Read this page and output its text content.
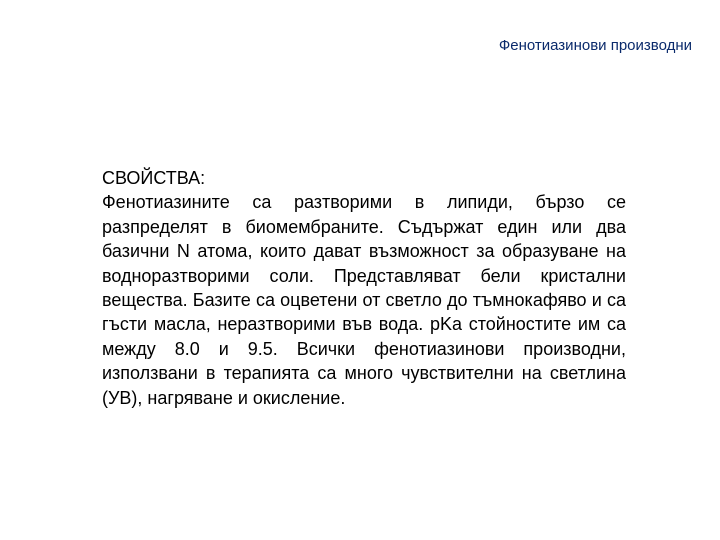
Фенотиазинови производни
СВОЙСТВА:

Фенотиазините са разтворими в липиди, бързо се разпределят в биомембраните. Съдържат един или два базични N атома, които дават възможност за образуване на водноразтворими соли. Представляват бели кристални вещества. Базите са оцветени от светло до тъмнокафяво и са гъсти масла, неразтворими във вода. pKa стойностите им са между 8.0 и 9.5. Всички фенотиазинови производни, използвани в терапията са много чувствителни на светлина (УВ), нагряване и окисление.
